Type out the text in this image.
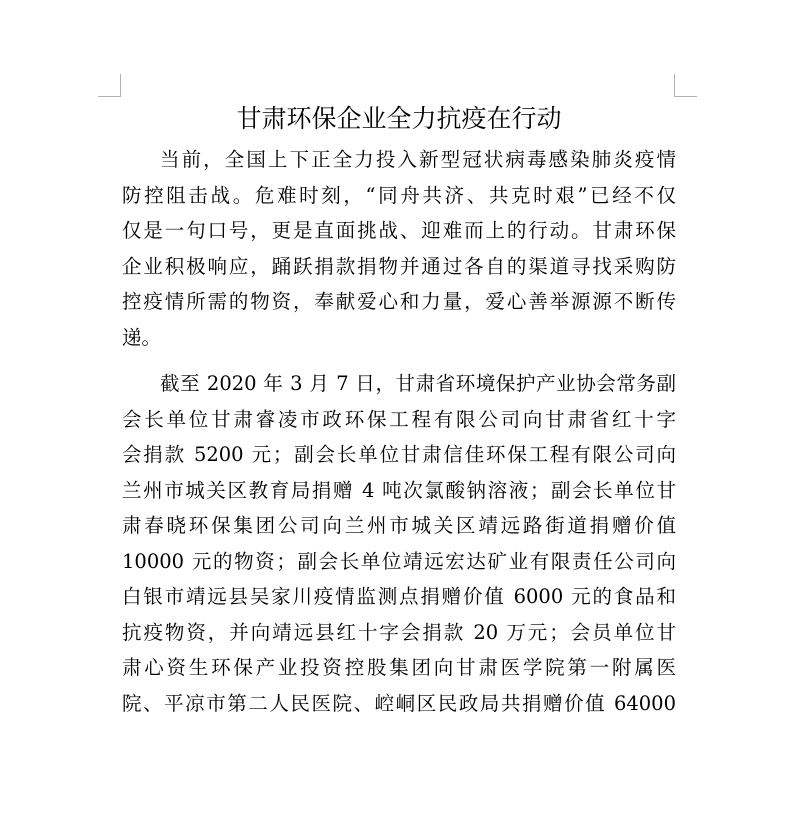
甘肃环保企业全力抗疫在行动
当前，全国上下正全力投入新型冠状病毒感染肺炎疫情
防控阻击战。危难时刻，“同舟共济、共克时艰”已经不仅
仅是一句口号，更是直面挑战、迎难而上的行动。甘肃环保
企业积极响应，踊跃捐款捐物并通过各自的渠道寻找采购防
控疫情所需的物资，奉献爱心和力量，爱心善举源源不断传
递。
截至 2020 年 3 月 7 日，甘肃省环境保护产业协会常务副
会长单位甘肃睿凌市政环保工程有限公司向甘肃省红十字
会捐款 5200 元；副会长单位甘肃信佳环保工程有限公司向
兰州市城关区教育局捐赠 4 吨次氯酸钠溶液；副会长单位甘
肃春晓环保集团公司向兰州市城关区靖远路街道捐赠价值
10000 元的物资；副会长单位靖远宏达矿业有限责任公司向
白银市靖远县吴家川疫情监测点捐赠价值 6000 元的食品和
抗疫物资，并向靖远县红十字会捐款 20 万元；会员单位甘
肃心资生环保产业投资控股集团向甘肃医学院第一附属医
院、平凉市第二人民医院、崆峒区民政局共捐赠价值 64000
